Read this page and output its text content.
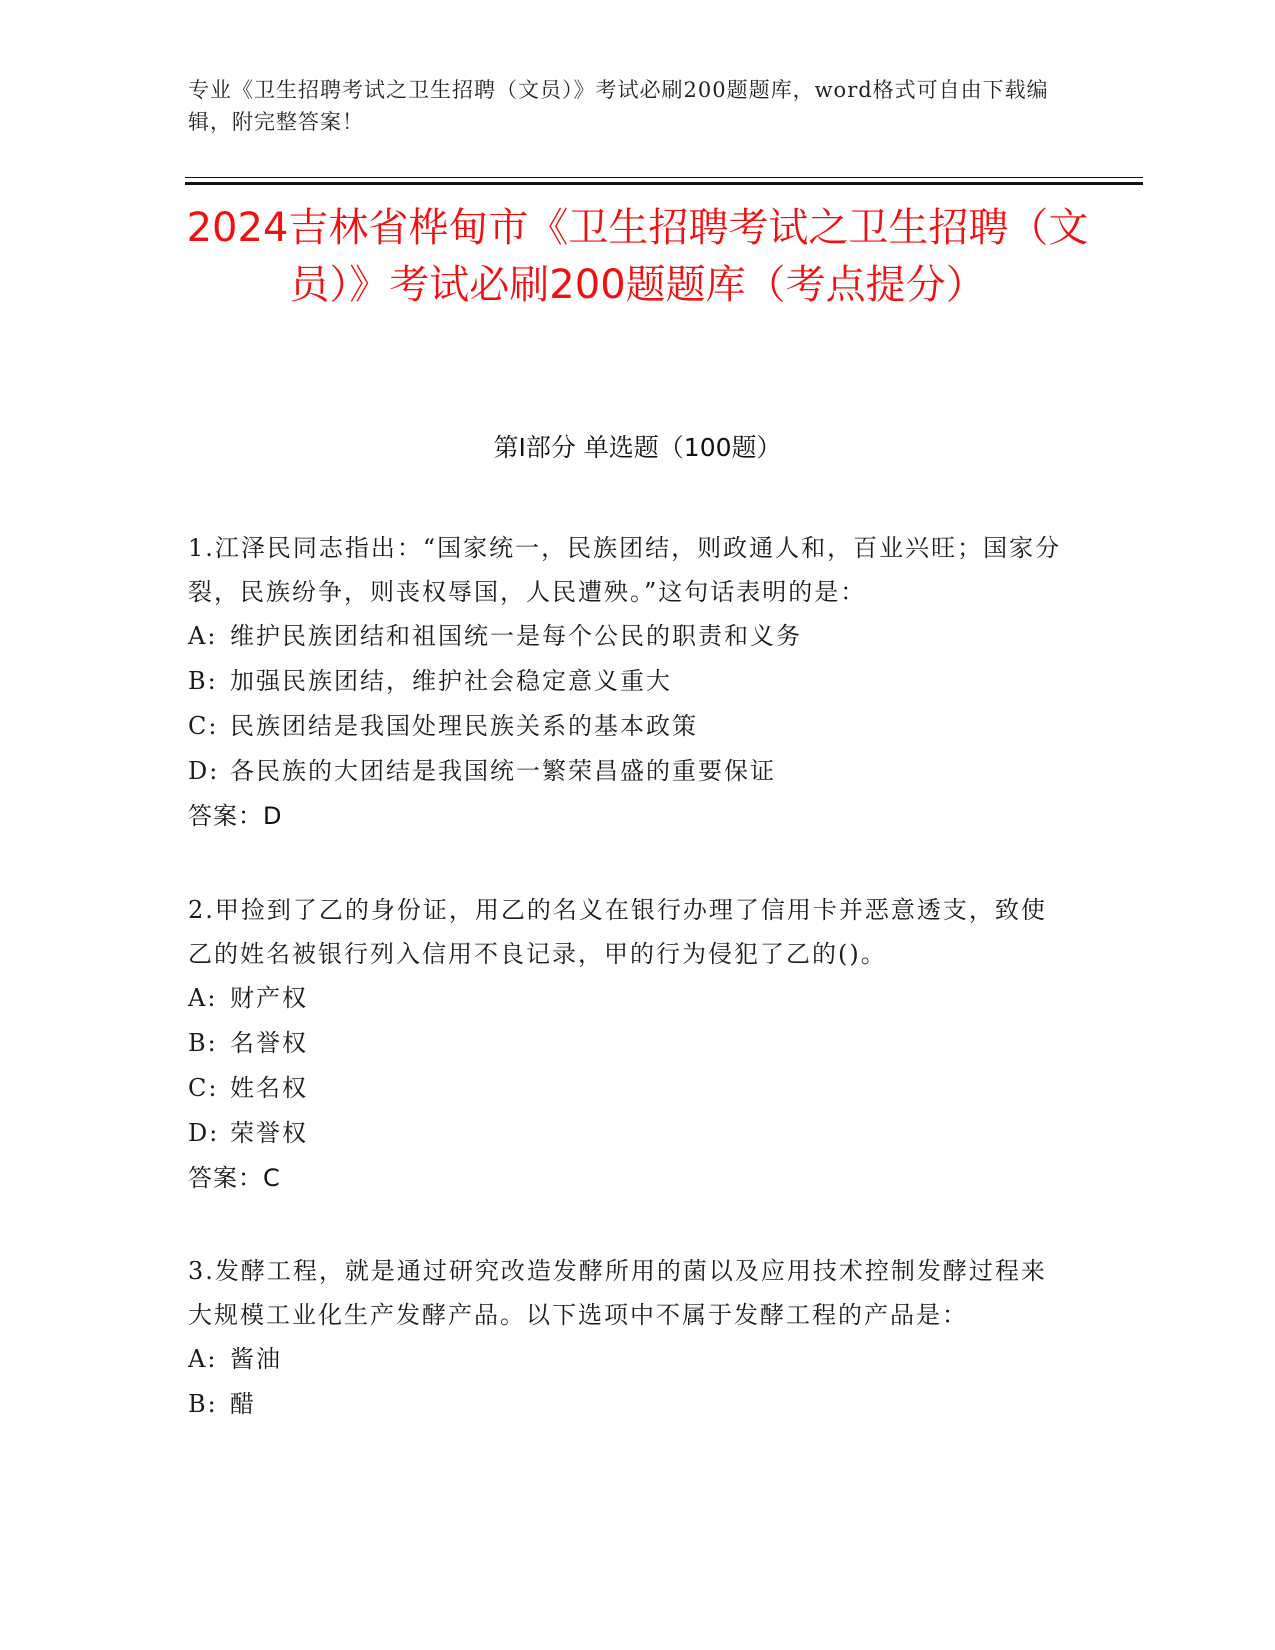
专业《卫生招聘考试之卫生招聘（文员）》考试必刷200题题库，word格式可自由下载编辑，附完整答案！
2024吉林省桦甸市《卫生招聘考试之卫生招聘（文员）》考试必刷200题题库（考点提分）
第I部分 单选题（100题）
1.江泽民同志指出：“国家统一，民族团结，则政通人和，百业兴旺；国家分裂，民族纷争，则丧权辱国，人民遭殃。”这句话表明的是：
A: 维护民族团结和祖国统一是每个公民的职责和义务
B: 加强民族团结，维护社会稳定意义重大
C: 民族团结是我国处理民族关系的基本政策
D: 各民族的大团结是我国统一繁荣昌盛的重要保证
答案：D
2.甲捡到了乙的身份证，用乙的名义在银行办理了信用卡并恶意透支，致使乙的姓名被银行列入信用不良记录，甲的行为侵犯了乙的()。
A: 财产权
B: 名誉权
C: 姓名权
D: 荣誉权
答案：C
3.发酵工程，就是通过研究改造发酵所用的菌以及应用技术控制发酵过程来大规模工业化生产发酵产品。以下选项中不属于发酵工程的产品是：
A: 酱油
B: 醋
